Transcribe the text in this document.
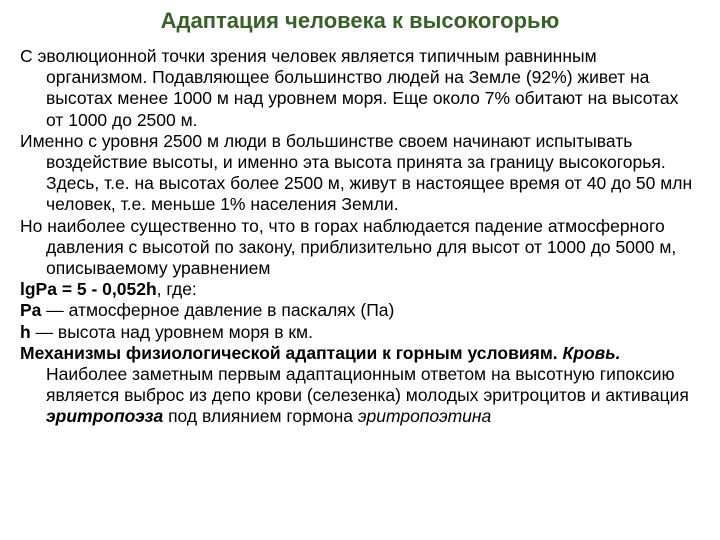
Адаптация человека к высокогорью

С эволюционной точки зрения человек является типичным равнинным организмом. Подавляющее большинство людей на Земле (92%) живет на высотах менее 1000 м над уровнем моря. Еще около 7% обитают на высотах от 1000 до 2500 м.

Именно с уровня 2500 м люди в большинстве своем начинают испытывать воздействие высоты, и именно эта высота принята за границу высокогорья. Здесь, т.е. на высотах более 2500 м, живут в настоящее время от 40 до 50 млн человек, т.е. меньше 1% населения Земли.

Но наиболее существенно то, что в горах наблюдается падение атмосферного давления с высотой по закону, приблизительно для высот от 1000 до 5000 м, описываемому уравнением

lgPa = 5 - 0,052h, где:

Pa — атмосферное давление в паскалях (Па)

h — высота над уровнем моря в км.

Механизмы физиологической адаптации к горным условиям. Кровь. Наиболее заметным первым адаптационным ответом на высотную гипоксию является выброс из депо крови (селезенка) молодых эритроцитов и активация эритропоэза под влиянием гормона эритропоэтина
